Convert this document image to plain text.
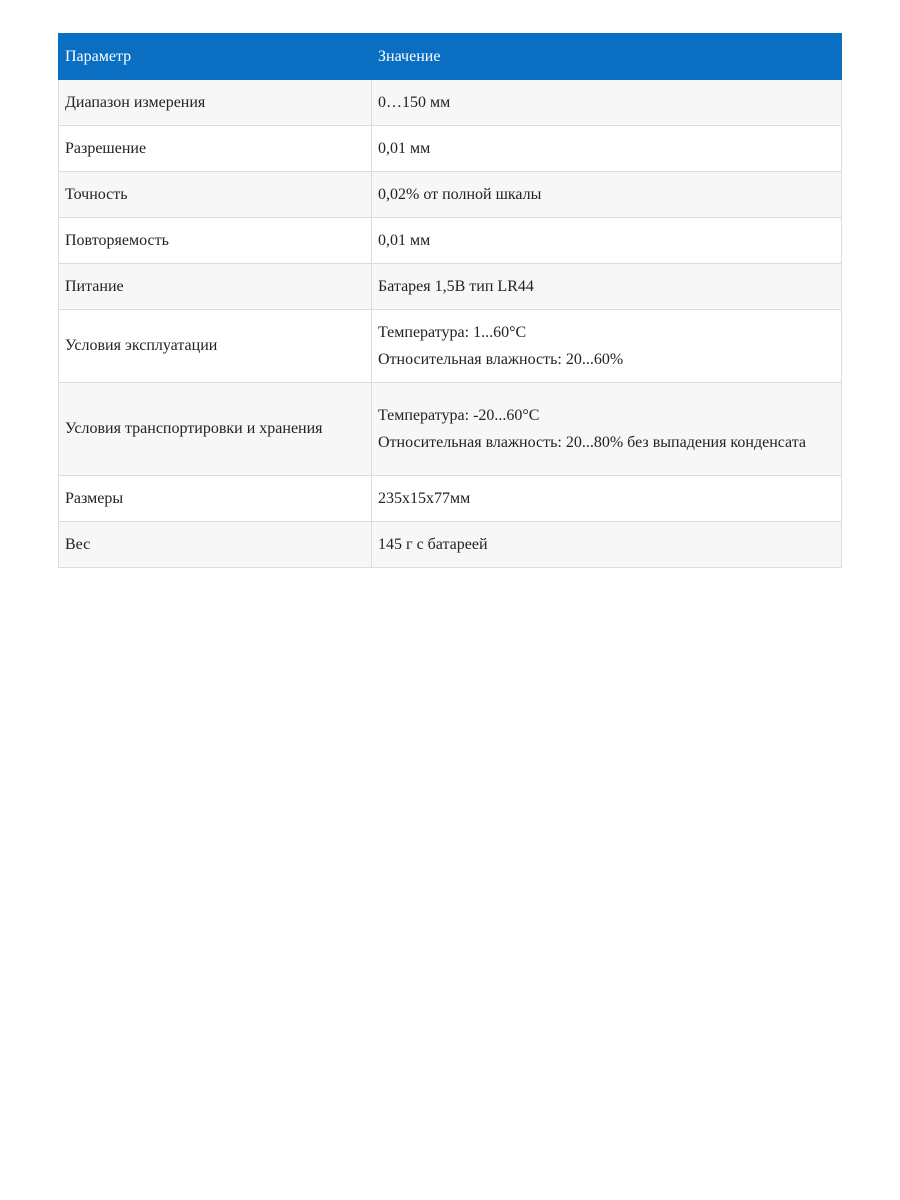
Параметр	Значение
Диапазон измерения	0…150 мм

Разрешение	0,01 мм

Точность	0,02% от полной шкалы

Повторяемость	0,01 мм

Питание	Батарея 1,5В тип LR44

Условия эксплуатации	Температура: 1...60°C
Относительная влажность: 20...60%

Условия транспортировки и хранения	Температура: -20...60°C
Относительная влажность: 20...80% без выпадения конденсата

Размеры	235х15х77мм

Вес	145 г с батареей
